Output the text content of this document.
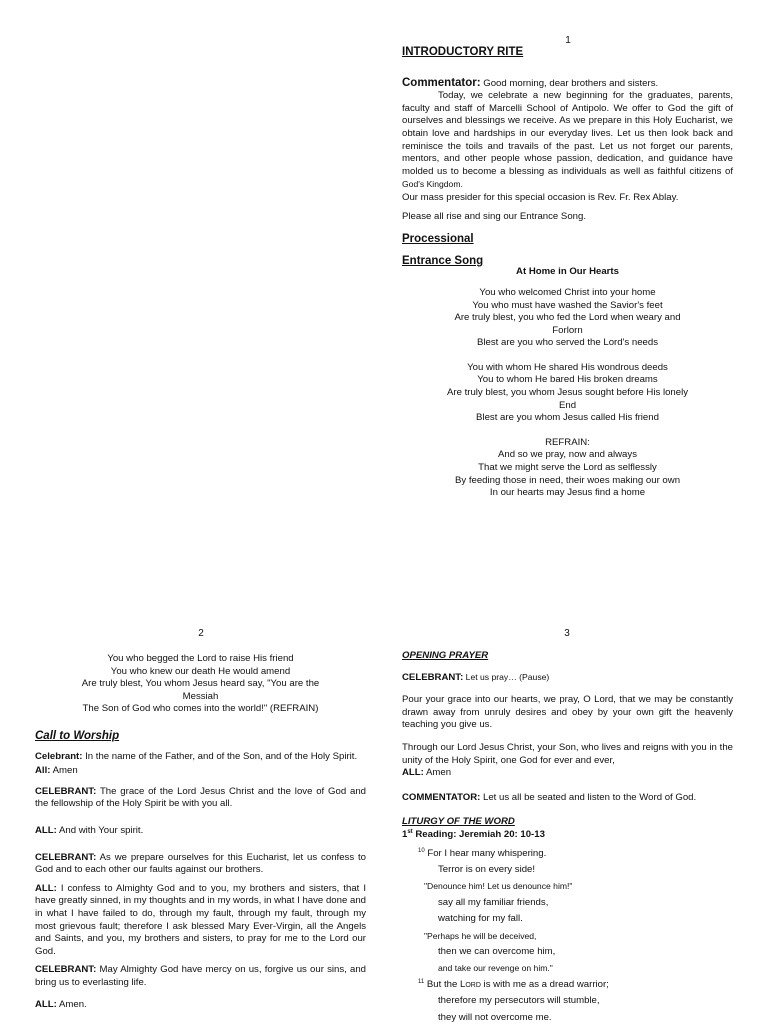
1
INTRODUCTORY RITE

Commentator: Good morning, dear brothers and sisters.

Today, we celebrate a new beginning for the graduates, parents, faculty and staff of Marcelli School of Antipolo. We offer to God the gift of ourselves and blessings we receive. As we prepare in this Holy Eucharist, we obtain love and hardships in our everyday lives. Let us then look back and reminisce the toils and travails of the past. Let us not forget our parents, mentors, and other people whose passion, dedication, and guidance have molded us to become a blessing as individuals as well as faithful citizens of God's Kingdom.

Our mass presider for this special occasion is Rev. Fr. Rex Ablay.

Please all rise and sing our Entrance Song.

Processional
Entrance Song
At Home in Our Hearts

You who welcomed Christ into your home

You who must have washed the Savior's feet

Are truly blest, you who fed the Lord when weary and

Forlorn

Blest are you who served the Lord's needs

You with whom He shared His wondrous deeds

You to whom He bared His broken dreams

Are truly blest, you whom Jesus sought before His lonely

End

Blest are you whom Jesus called His friend

REFRAIN:

And so we pray, now and always

That we might serve the Lord as selflessly

By feeding those in need, their woes making our own

In our hearts may Jesus find a home

2

You who begged the Lord to raise His friend

You who knew our death He would amend

Are truly blest, You whom Jesus heard say, "You are the

Messiah

The Son of God who comes into the world!" (REFRAIN)

Call to Worship

Celebrant: In the name of the Father, and of the Son, and of the Holy Spirit.

All: Amen

CELEBRANT: The grace of the Lord Jesus Christ and the love of God and the fellowship of the Holy Spirit be with you all.

ALL: And with Your spirit.

CELEBRANT: As we prepare ourselves for this Eucharist, let us confess to God and to each other our faults against our brothers.

ALL: I confess to Almighty God and to you, my brothers and sisters, that I have greatly sinned, in my thoughts and in my words, in what I have done and in what I have failed to do, through my fault, through my fault, through my most grievous fault; therefore I ask blessed Mary Ever-Virgin, all the Angels and Saints, and you, my brothers and sisters, to pray for me to the Lord our God.

CELEBRANT: May Almighty God have mercy on us, forgive us our sins, and bring us to everlasting life.

ALL: Amen.

3
OPENING PRAYER

CELEBRANT: Let us pray… (Pause)

Pour your grace into our hearts, we pray, O Lord, that we may be constantly drawn away from unruly desires and obey by your own gift the heavenly teaching you give us.

Through our Lord Jesus Christ, your Son, who lives and reigns with you in the unity of the Holy Spirit, one God for ever and ever,

ALL: Amen

COMMENTATOR: Let us all be seated and listen to the Word of God.

LITURGY OF THE WORD

1st Reading: Jeremiah 20: 10-13

$^{10}$ For I hear many whispering.

Terror is on every side!

"Denounce him! Let us denounce him!"

say all my familiar friends,

watching for my fall.

"Perhaps he will be deceived,

then we can overcome him,

and take our revenge on him."

$^{11}$ But the Lord is with me as a dread warrior;

therefore my persecutors will stumble,

they will not overcome me.
